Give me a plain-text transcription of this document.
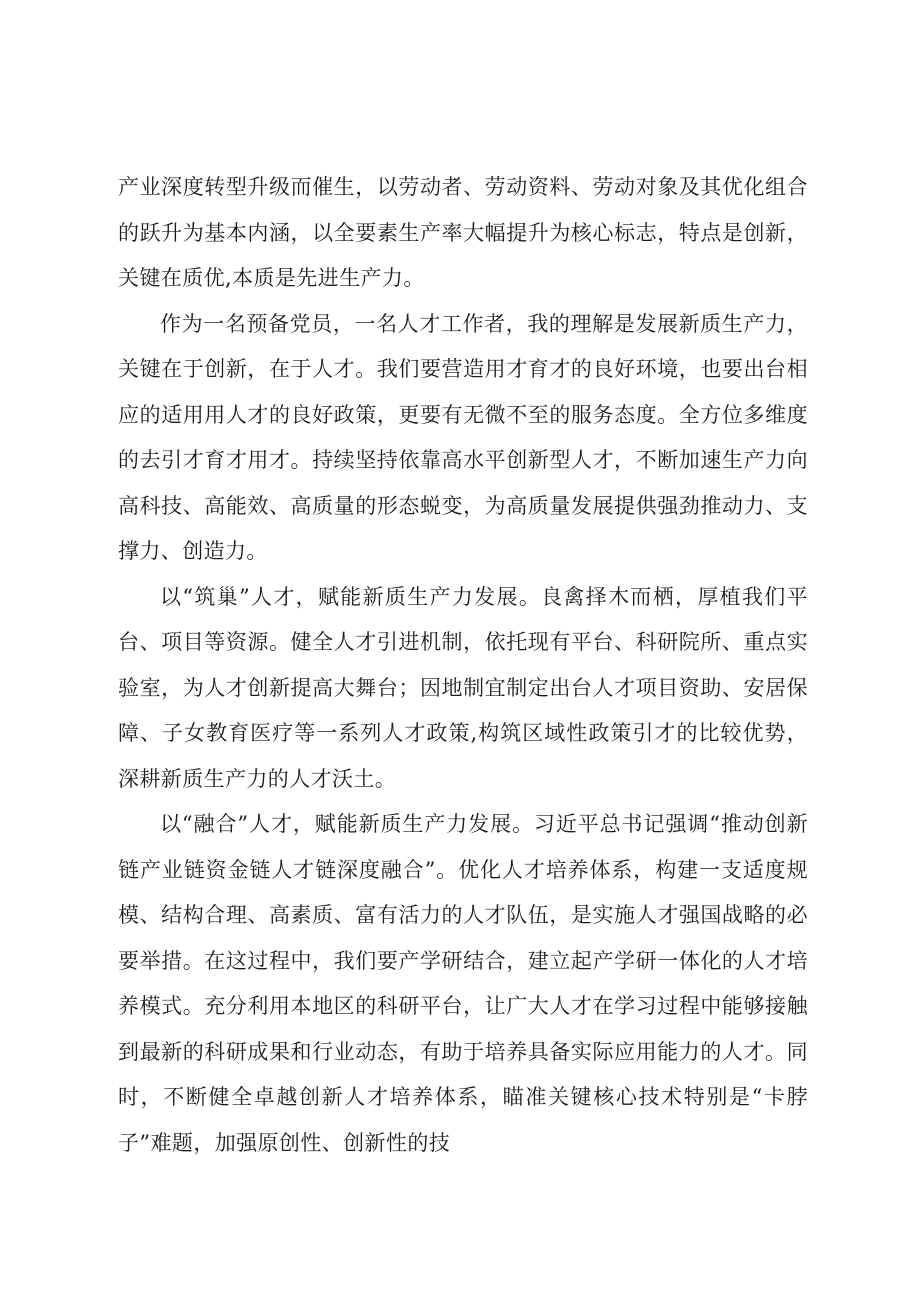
产业深度转型升级而催生，以劳动者、劳动资料、劳动对象及其优化组合的跃升为基本内涵，以全要素生产率大幅提升为核心标志，特点是创新，关键在质优,本质是先进生产力。

作为一名预备党员，一名人才工作者，我的理解是发展新质生产力，关键在于创新，在于人才。我们要营造用才育才的良好环境，也要出台相应的适用用人才的良好政策，更要有无微不至的服务态度。全方位多维度的去引才育才用才。持续坚持依靠高水平创新型人才，不断加速生产力向高科技、高能效、高质量的形态蜕变，为高质量发展提供强劲推动力、支撑力、创造力。

以“筑巢”人才，赋能新质生产力发展。良禽择木而栖，厚植我们平台、项目等资源。健全人才引进机制，依托现有平台、科研院所、重点实验室，为人才创新提高大舞台；因地制宜制定出台人才项目资助、安居保障、子女教育医疗等一系列人才政策,构筑区域性政策引才的比较优势，深耕新质生产力的人才沃土。

以“融合”人才，赋能新质生产力发展。习近平总书记强调“推动创新链产业链资金链人才链深度融合”。优化人才培养体系，构建一支适度规模、结构合理、高素质、富有活力的人才队伍，是实施人才强国战略的必要举措。在这过程中，我们要产学研结合，建立起产学研一体化的人才培养模式。充分利用本地区的科研平台，让广大人才在学习过程中能够接触到最新的科研成果和行业动态，有助于培养具备实际应用能力的人才。同时，不断健全卓越创新人才培养体系，瞄准关键核心技术特别是“卡脖子”难题，加强原创性、创新性的技
